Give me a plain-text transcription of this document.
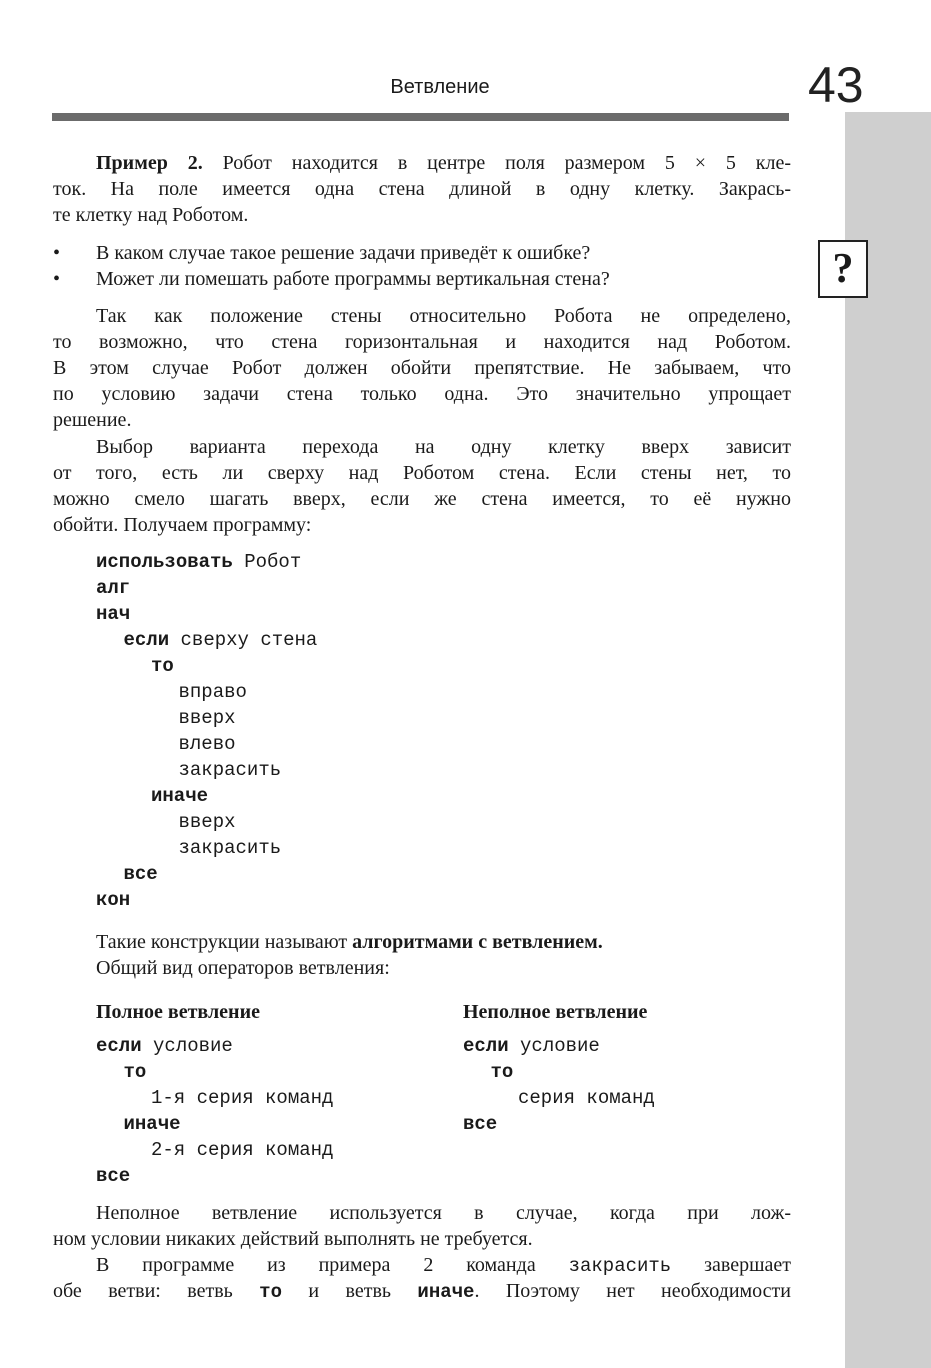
Ветвление	43
?
Пример 2. Робот находится в центре поля размером 5 × 5 кле-
ток. На поле имеется одна стена длиной в одну клетку. Закрась-
те клетку над Роботом.
• В каком случае такое решение задачи приведёт к ошибке?
• Может ли помешать работе программы вертикальная стена?
Так как положение стены относительно Робота не определено,
то возможно, что стена горизонтальная и находится над Роботом.
В этом случае Робот должен обойти препятствие. Не забываем, что
по условию задачи стена только одна. Это значительно упрощает
решение.
Выбор варианта перехода на одну клетку вверх зависит
от того, есть ли сверху над Роботом стена. Если стены нет, то
можно смело шагать вверх, если же стена имеется, то её нужно
обойти. Получаем программу:
использовать Робот
алг
нач
если сверху стена
то
вправо
вверх
влево
закрасить
иначе
вверх
закрасить
все
кон
Такие конструкции называют алгоритмами с ветвлением.
Общий вид операторов ветвления:
Полное ветвление
если условие
то
1-я серия команд
иначе
2-я серия команд
все
Неполное ветвление
если условие
то
серия команд
все
Неполное ветвление используется в случае, когда при лож-
ном условии никаких действий выполнять не требуется.
В программе из примера 2 команда закрасить завершает
обе ветви: ветвь то и ветвь иначе. Поэтому нет необходимости
